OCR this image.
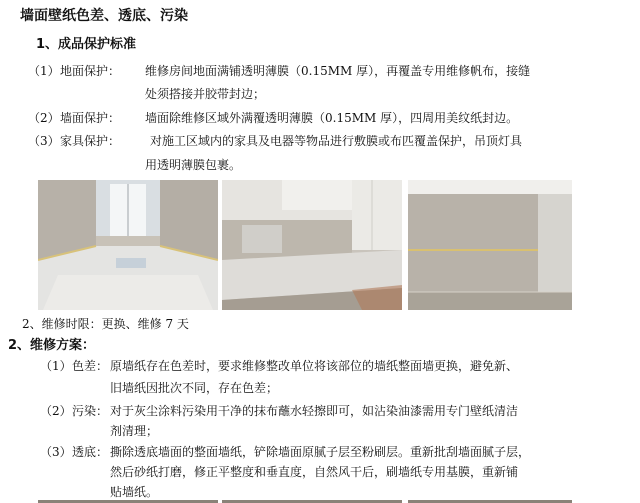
墙面壁纸色差、透底、污染
1、成品保护标准
（1） 地面保护： 维修房间地面满铺透明薄膜（0.15MM 厚），再覆盖专用维修帆布，接缝
处须搭接并胶带封边；
（2） 墙面保护： 墙面除维修区域外满覆透明薄膜（0.15MM 厚），四周用美纹纸封边。
（3） 家具保护： 对施工区域内的家具及电器等物品进行敷膜或布匹覆盖保护，吊顶灯具
用透明薄膜包裹。
2、维修时限：更换、维修 7 天
2、维修方案：
（1） 色差： 原墙纸存在色差时，要求维修整改单位将该部位的墙纸整面墙更换，避免新、
旧墙纸因批次不同，存在色差；
（2） 污染： 对于灰尘涂料污染用干净的抹布蘸水轻擦即可，如沾染油漆需用专门壁纸清洁
剂清理；
（3） 透底： 撕除透底墙面的整面墙纸，铲除墙面原腻子层至粉刷层。重新批刮墙面腻子层，
然后砂纸打磨，修正平整度和垂直度，自然风干后，刷墙纸专用基膜，重新铺
贴墙纸。
